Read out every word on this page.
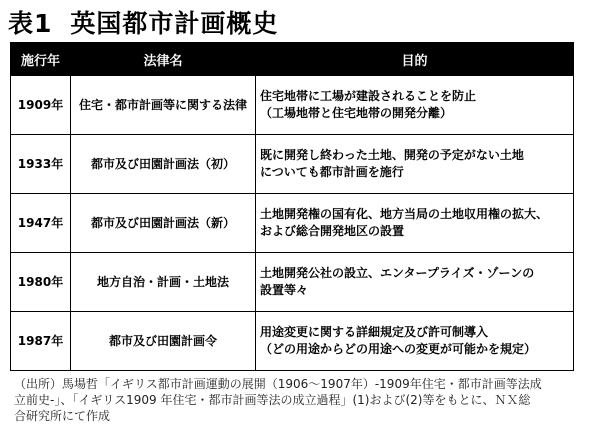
表1 英国都市計画概史
施行年	法律名	目的
1909年	住宅・都市計画等に関する法律	住宅地帯に工場が建設されることを防止
（工場地帯と住宅地帯の開発分離）

1933年	都市及び田園計画法（初）	既に開発し終わった土地、開発の予定がない土地
についても都市計画を施行

1947年	都市及び田園計画法（新）	土地開発権の国有化、地方当局の土地収用権の拡大、
および総合開発地区の設置

1980年	地方自治・計画・土地法	土地開発公社の設立、エンタープライズ・ゾーンの
設置等々

1987年	都市及び田園計画令	用途変更に関する詳細規定及び許可制導入
（どの用途からどの用途への変更が可能かを規定）
（出所）馬場哲「イギリス都市計画運動の展開（1906〜1907年）-1909年住宅・都市計画等法成
立前史-」、「イギリス1909 年住宅・都市計画等法の成立過程」(1)および(2)等をもとに、ＮＸ総
合研究所にて作成
